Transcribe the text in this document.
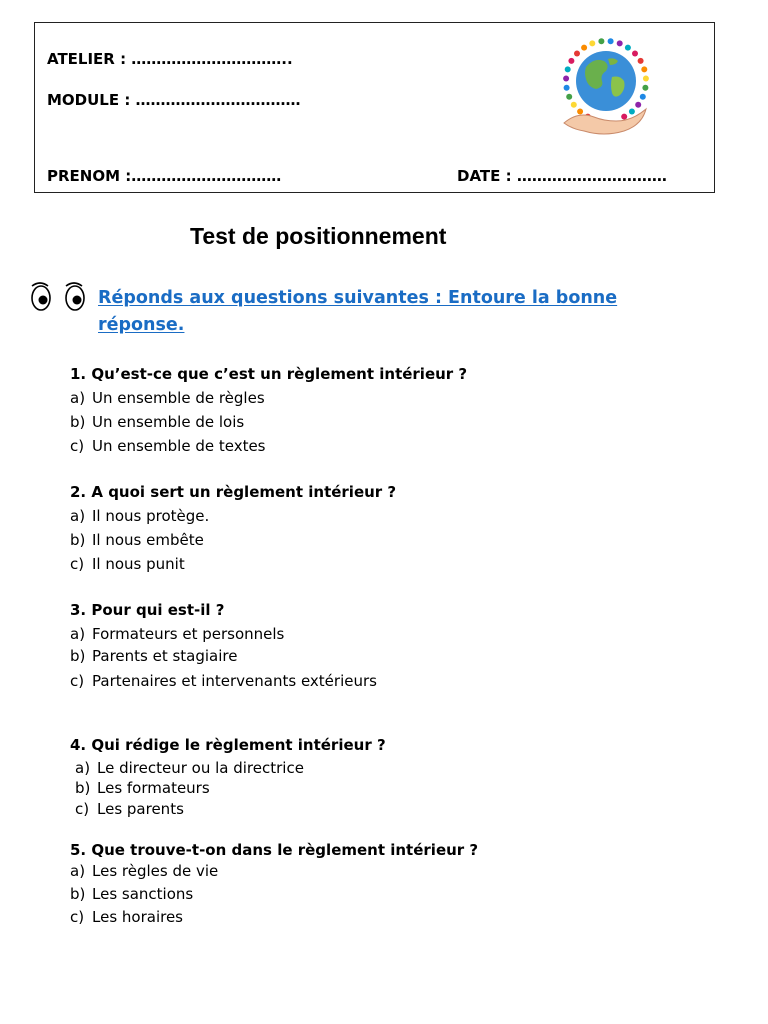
ATELIER : …………………………..
MODULE : ……………………………
PRENOM :…………………………	DATE : …………………………
Test de positionnement
Réponds aux questions suivantes : Entoure la bonne
réponse.
1. Qu’est-ce que c’est un règlement intérieur ?
a) Un ensemble de règles
b) Un ensemble de lois
c) Un ensemble de textes
2. A quoi sert un règlement intérieur ?
a) Il nous protège.
b) Il nous embête
c) Il nous punit
3. Pour qui est-il ?
a) Formateurs et personnels
b) Parents et stagiaire
c) Partenaires et intervenants extérieurs
4. Qui rédige le règlement intérieur ?
a) Le directeur ou la directrice
b) Les formateurs
c) Les parents
5. Que trouve-t-on dans le règlement intérieur ?
a) Les règles de vie
b) Les sanctions
c) Les horaires
